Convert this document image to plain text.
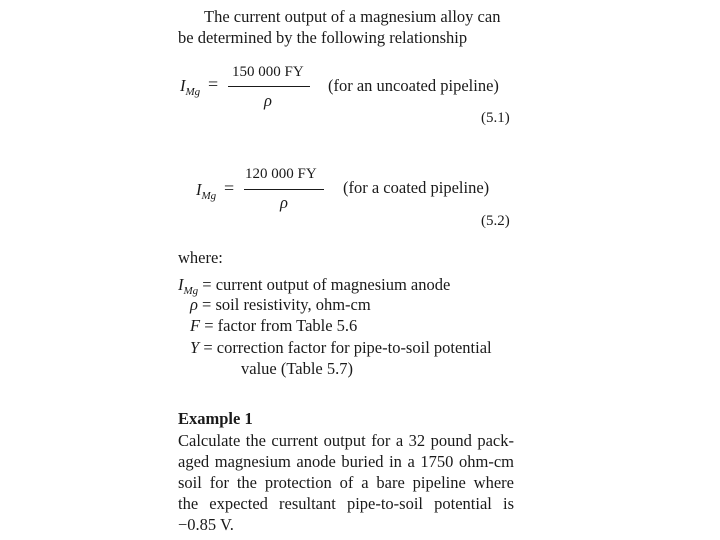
The current output of a magnesium alloy can
be determined by the following relationship
$I_{Mg}$ =
150 000 FY
ρ
(for an uncoated pipeline)
(5.1)
$I_{Mg}$ =
120 000 FY
ρ
(for a coated pipeline)
(5.2)
where:
$I_{Mg}$ = current output of magnesium anode
ρ = soil resistivity, ohm-cm
F = factor from Table 5.6
Y = correction factor for pipe-to-soil potential
value (Table 5.7)
Example 1
Calculate the current output for a 32 pound pack-
aged magnesium anode buried in a 1750 ohm-cm
soil for the protection of a bare pipeline where
the expected resultant pipe-to-soil potential is
−0.85 V.
